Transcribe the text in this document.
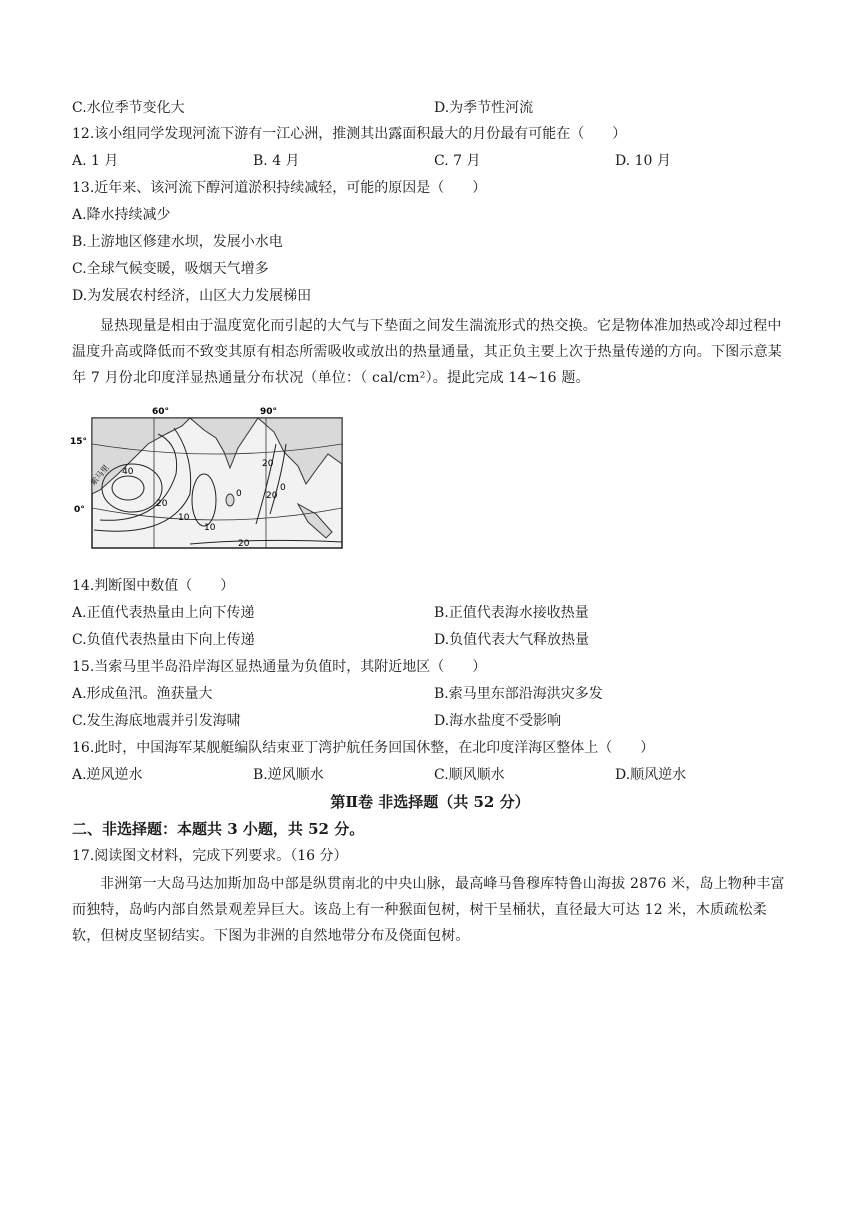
C.水位季节变化大	D.为季节性河流
12.该小组同学发现河流下游有一江心洲，推测其出露面积最大的月份最有可能在（　　）
A. 1 月	B. 4 月	C. 7 月	D. 10 月
13.近年来、该河流下醇河道淤积持续减轻，可能的原因是（　　）
A.降水持续减少
B.上游地区修建水坝，发展小水电
C.全球气候变暖，吸烟天气增多
D.为发展农村经济，山区大力发展梯田
显热现量是相由于温度宽化而引起的大气与下垫面之间发生湍流形式的热交换。它是物体准加热或冷却过程中温度升高或降低而不致变其原有相态所需吸收或放出的热量通量，其正负主要上次于热量传递的方向。下图示意某年 7 月份北印度洋显热通量分布状况（单位：（ cal/cm²）。提此完成 14~16 题。
60°	90°
15°
0°
40
20
10
0
10
20
0
20
20
索马里
14.判断图中数值（　　）
A.正值代表热量由上向下传递	B.正值代表海水接收热量
C.负值代表热量由下向上传递	D.负值代表大气释放热量
15.当索马里半岛沿岸海区显热通量为负值时，其附近地区（　　）
A.形成鱼汛。渔获量大	B.索马里东部沿海洪灾多发
C.发生海底地震并引发海啸	D.海水盐度不受影响
16.此时，中国海军某舰艇编队结束亚丁湾护航任务回国休整，在北印度洋海区整体上（　　）
A.逆风逆水	B.逆风顺水	C.顺风顺水	D.顺风逆水
第Ⅱ卷 非选择题（共 52 分）
二、非选择题：本题共 3 小题，共 52 分。
17.阅读图文材料，完成下列要求。（16 分）
非洲第一大岛马达加斯加岛中部是纵贯南北的中央山脉，最高峰马鲁穆库特鲁山海拔 2876 米，岛上物种丰富而独特，岛屿内部自然景观差异巨大。该岛上有一种猴面包树，树干呈桶状，直径最大可达 12 米，木质疏松柔软，但树皮坚韧结实。下图为非洲的自然地带分布及侥面包树。
